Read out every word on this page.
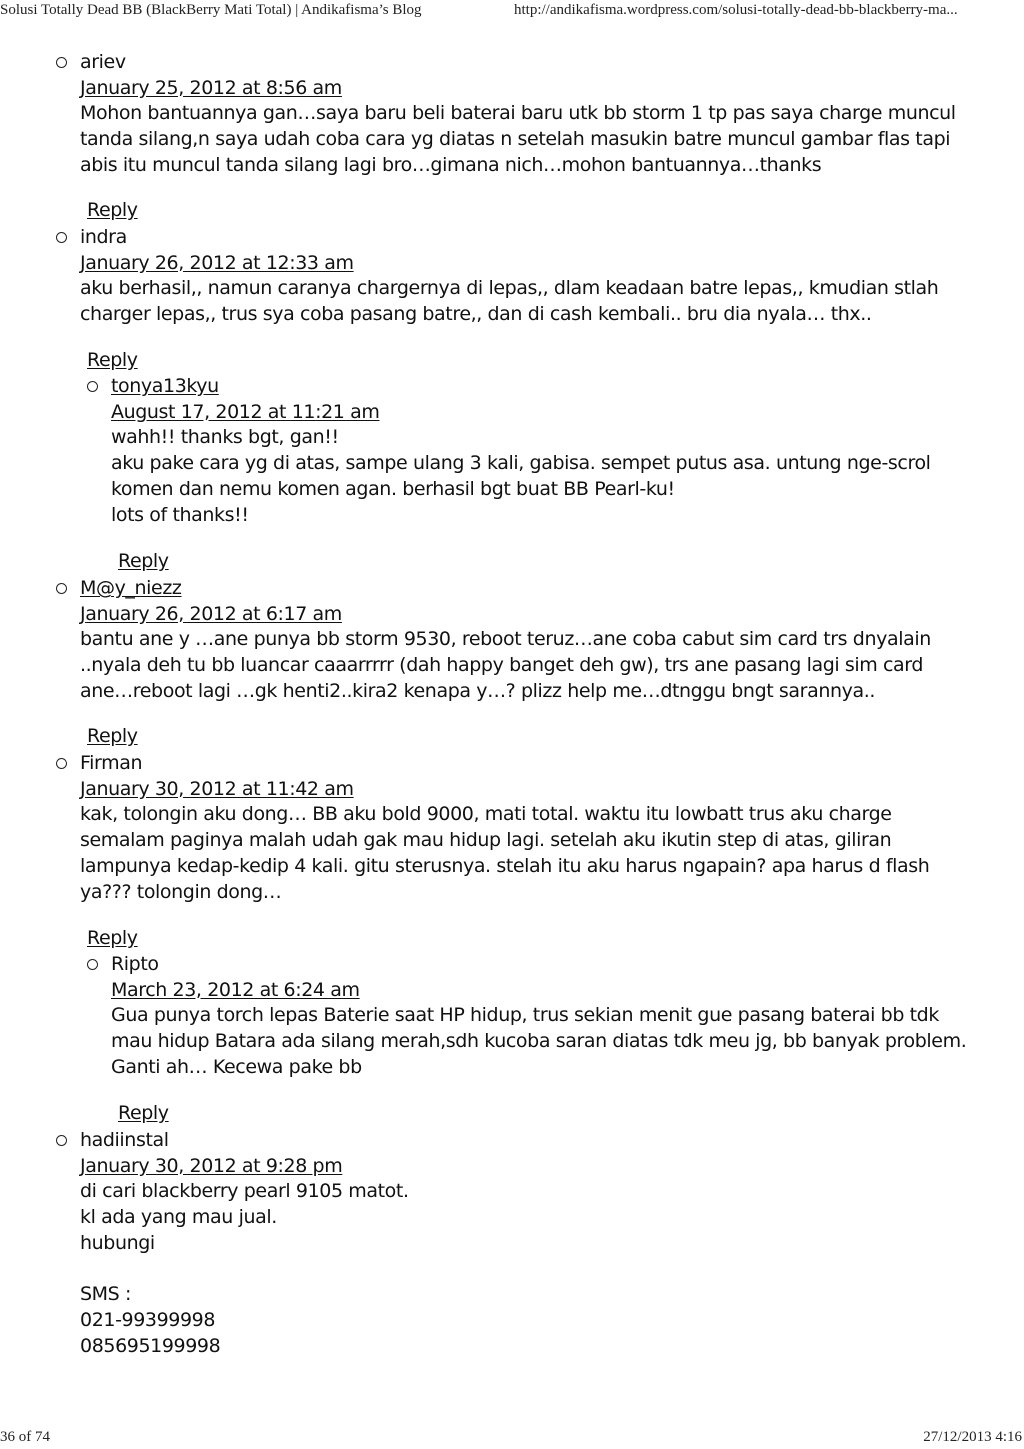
Solusi Totally Dead BB (BlackBerry Mati Total) | Andikafisma’s Blog	http://andikafisma.wordpress.com/solusi-totally-dead-bb-blackberry-ma...
ariev
January 25, 2012 at 8:56 am
Mohon bantuannya gan…saya baru beli baterai baru utk bb storm 1 tp pas saya charge muncul
tanda silang,n saya udah coba cara yg diatas n setelah masukin batre muncul gambar flas tapi
abis itu muncul tanda silang lagi bro…gimana nich…mohon bantuannya…thanks
Reply
indra
January 26, 2012 at 12:33 am
aku berhasil,, namun caranya chargernya di lepas,, dlam keadaan batre lepas,, kmudian stlah
charger lepas,, trus sya coba pasang batre,, dan di cash kembali.. bru dia nyala… thx..
Reply
tonya13kyu
August 17, 2012 at 11:21 am
wahh!! thanks bgt, gan!!
aku pake cara yg di atas, sampe ulang 3 kali, gabisa. sempet putus asa. untung nge-scrol
komen dan nemu komen agan. berhasil bgt buat BB Pearl-ku!
lots of thanks!!
Reply
M@y_niezz
January 26, 2012 at 6:17 am
bantu ane y …ane punya bb storm 9530, reboot teruz…ane coba cabut sim card trs dnyalain
..nyala deh tu bb luancar caaarrrrr (dah happy banget deh gw), trs ane pasang lagi sim card
ane…reboot lagi …gk henti2..kira2 kenapa y…? plizz help me…dtnggu bngt sarannya..
Reply
Firman
January 30, 2012 at 11:42 am
kak, tolongin aku dong… BB aku bold 9000, mati total. waktu itu lowbatt trus aku charge
semalam paginya malah udah gak mau hidup lagi. setelah aku ikutin step di atas, giliran
lampunya kedap-kedip 4 kali. gitu sterusnya. stelah itu aku harus ngapain? apa harus d flash
ya??? tolongin dong…
Reply
Ripto
March 23, 2012 at 6:24 am
Gua punya torch lepas Baterie saat HP hidup, trus sekian menit gue pasang baterai bb tdk
mau hidup Batara ada silang merah,sdh kucoba saran diatas tdk meu jg, bb banyak problem.
Ganti ah… Kecewa pake bb
Reply
hadiinstal
January 30, 2012 at 9:28 pm
di cari blackberry pearl 9105 matot.
kl ada yang mau jual.
hubungi
SMS :
021-99399998
085695199998
36 of 74	27/12/2013 4:16
